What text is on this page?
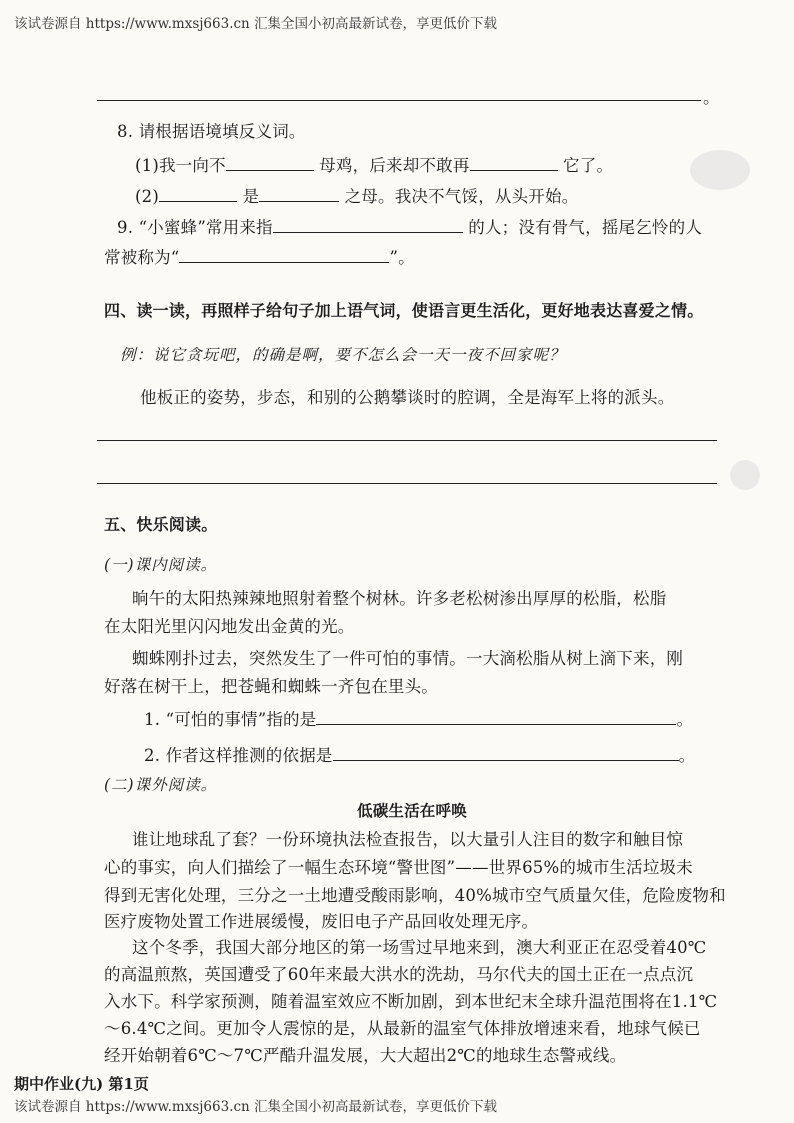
该试卷源自 https://www.mxsj663.cn 汇集全国小初高最新试卷，享更低价下载
。
8. 请根据语境填反义词。
(1)我一向不	母鸡，后来却不敢再	它了。
(2)	是	之母。我决不气馁，从头开始。
9. “小蜜蜂”常用来指	的人；没有骨气，摇尾乞怜的人
常被称为“	”。
四、读一读，再照样子给句子加上语气词，使语言更生活化，更好地表达喜爱之情。
例：说它贪玩吧，的确是啊，要不怎么会一天一夜不回家呢？
他板正的姿势，步态，和别的公鹅攀谈时的腔调，全是海军上将的派头。
五、快乐阅读。
(一)课内阅读。
晌午的太阳热辣辣地照射着整个树林。许多老松树渗出厚厚的松脂，松脂
在太阳光里闪闪地发出金黄的光。
蜘蛛刚扑过去，突然发生了一件可怕的事情。一大滴松脂从树上滴下来，刚
好落在树干上，把苍蝇和蜘蛛一齐包在里头。
1. “可怕的事情”指的是	。
2. 作者这样推测的依据是	。
(二)课外阅读。
低碳生活在呼唤
谁让地球乱了套？一份环境执法检查报告，以大量引人注目的数字和触目惊
心的事实，向人们描绘了一幅生态环境“警世图”——世界65%的城市生活垃圾未
得到无害化处理，三分之一土地遭受酸雨影响，40%城市空气质量欠佳，危险废物和
医疗废物处置工作进展缓慢，废旧电子产品回收处理无序。
这个冬季，我国大部分地区的第一场雪过早地来到，澳大利亚正在忍受着40℃
的高温煎熬，英国遭受了60年来最大洪水的洗劫，马尔代夫的国土正在一点点沉
入水下。科学家预测，随着温室效应不断加剧，到本世纪末全球升温范围将在1.1℃
～6.4℃之间。更加令人震惊的是，从最新的温室气体排放增速来看，地球气候已
经开始朝着6℃～7℃严酷升温发展，大大超出2℃的地球生态警戒线。
期中作业(九) 第1页
该试卷源自 https://www.mxsj663.cn 汇集全国小初高最新试卷，享更低价下载
